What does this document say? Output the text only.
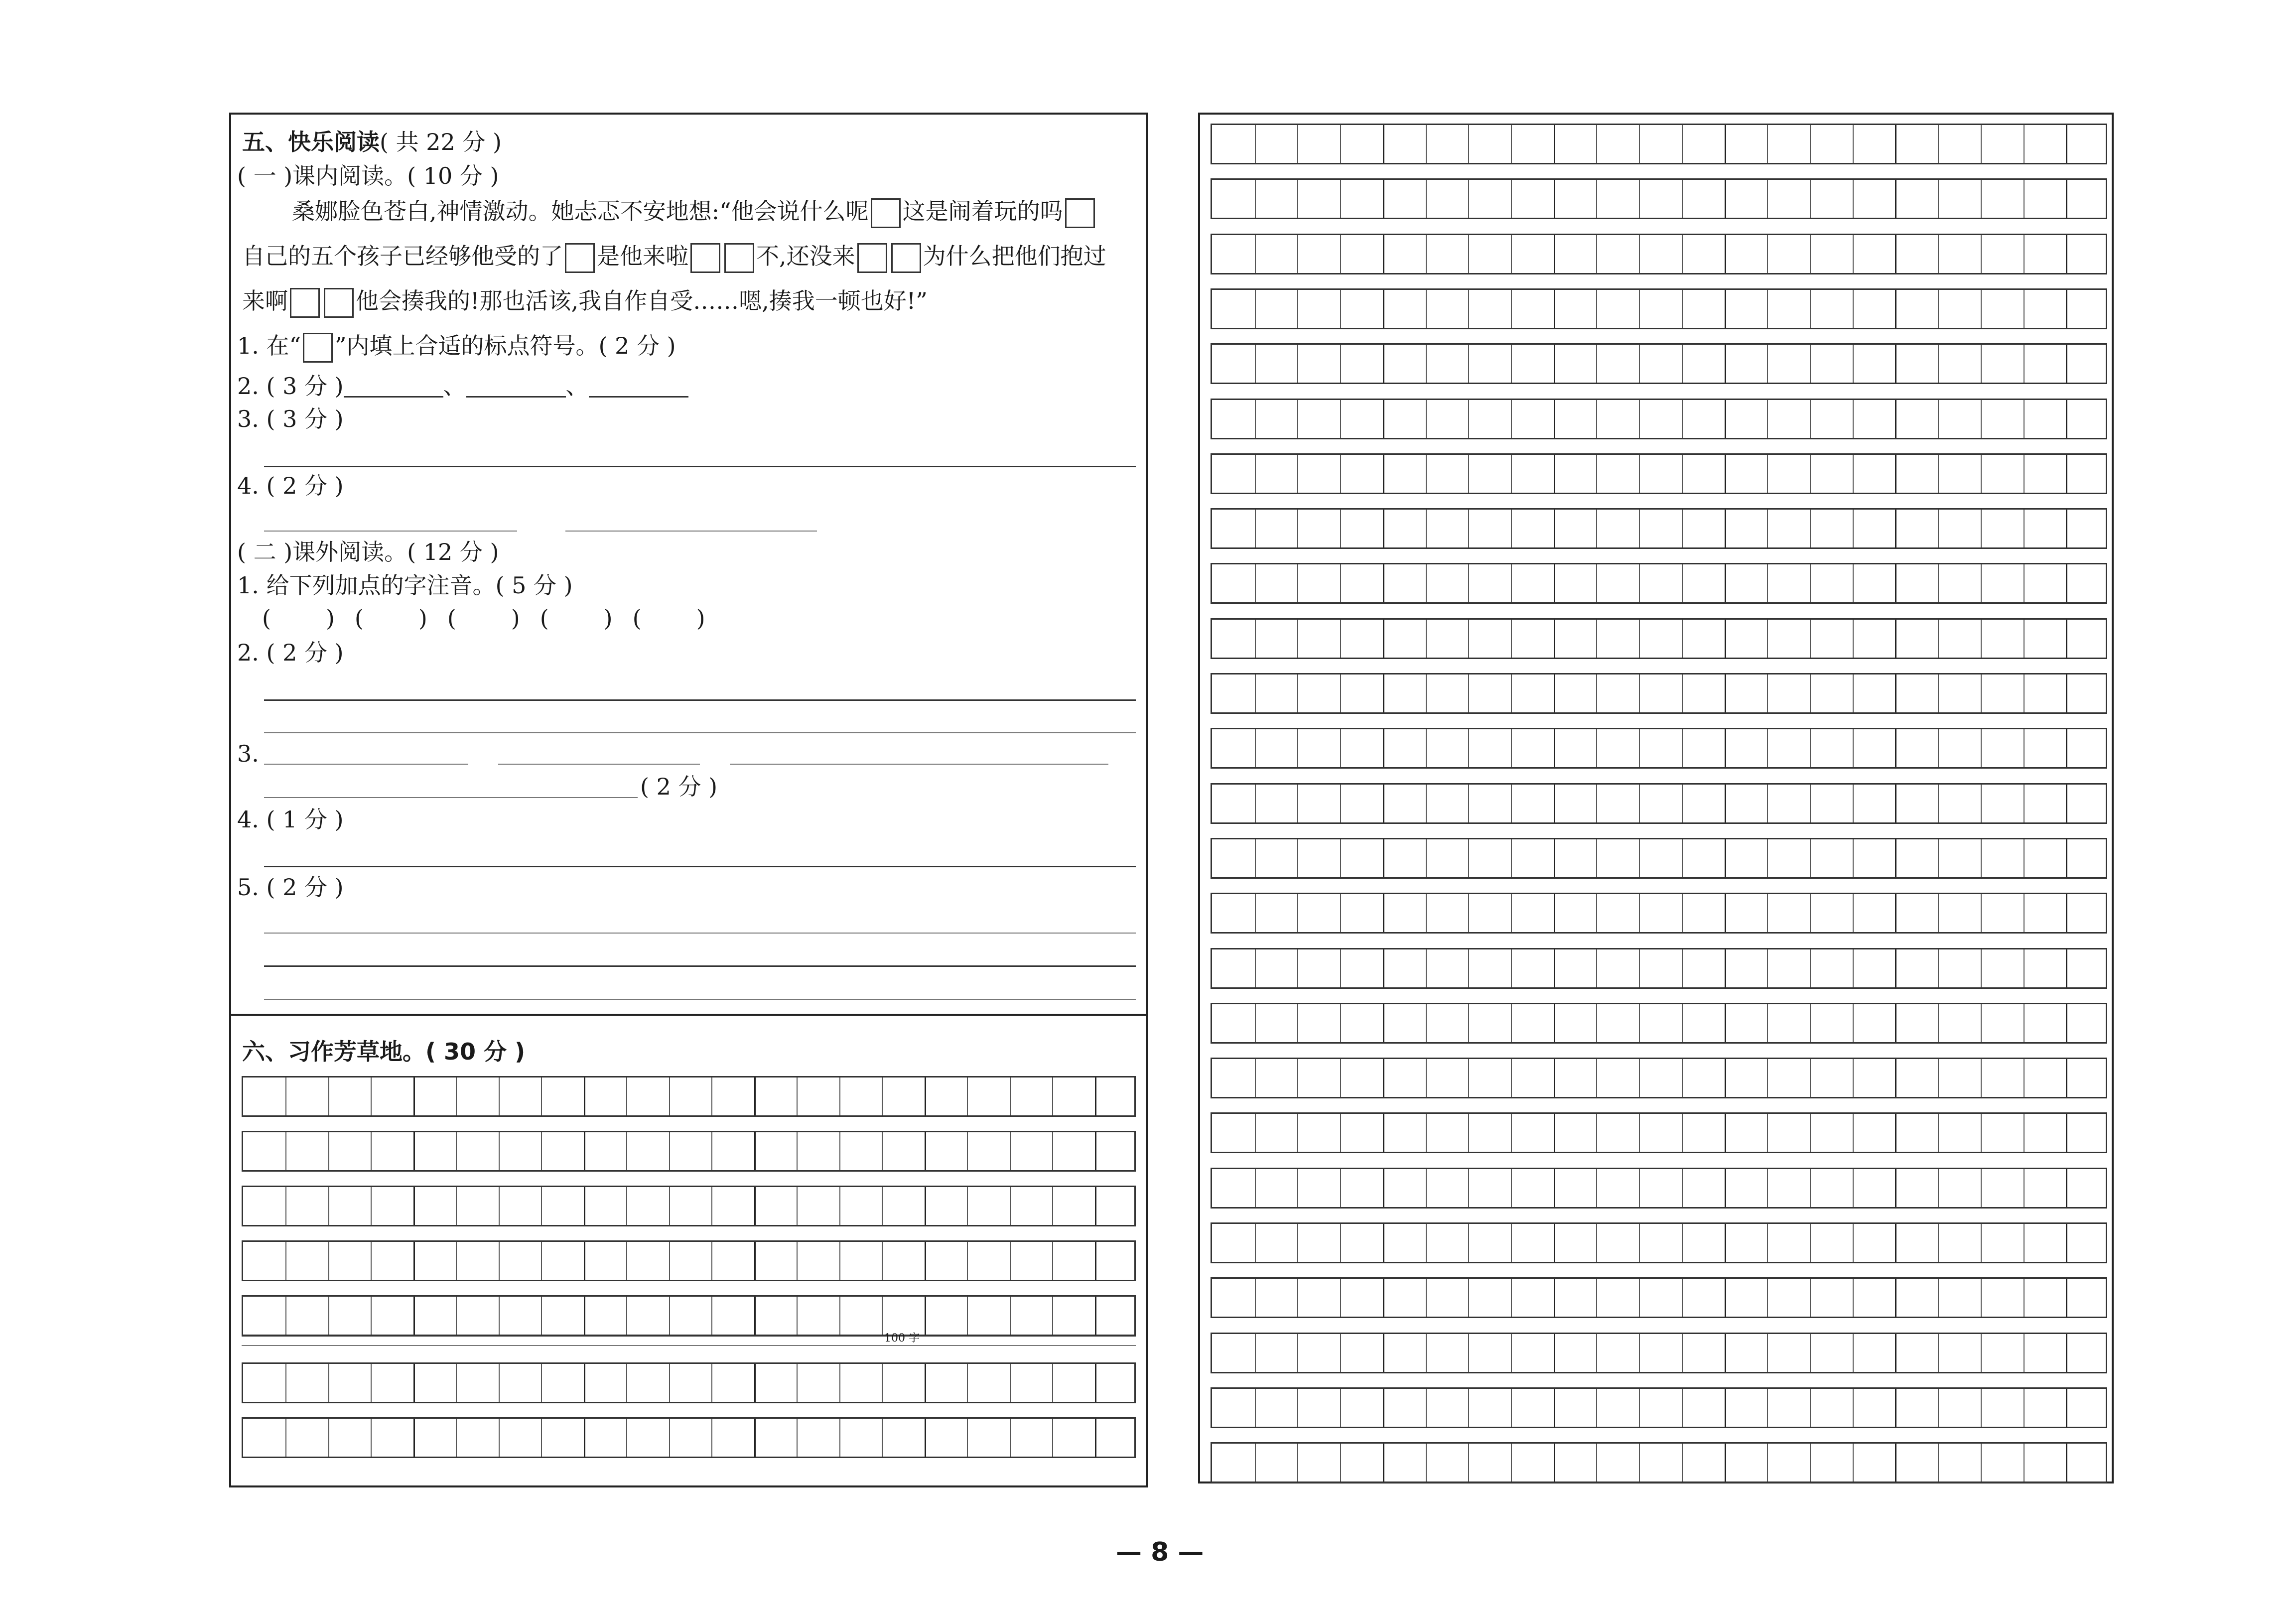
五、快乐阅读( 共 22 分 )
( 一 )课内阅读。( 10 分 )
桑娜脸色苍白,神情激动。她忐忑不安地想:“他会说什么呢 这是闹着玩的吗
自己的五个孩子已经够他受的了 是他来啦	不,还没来	为什么把他们抱过
来啊	他会揍我的!那也活该,我自作自受……嗯,揍我一顿也好!”
1. 在“ ”内填上合适的标点符号。( 2 分 )
2. ( 3 分 )	、	、
3. ( 3 分 )
4. ( 2 分 )
( 二 )课外阅读。( 12 分 )
1. 给下列加点的字注音。( 5 分 )
( ) ( ) ( ) ( ) ( )
2. ( 2 分 )
3.
( 2 分 )
4. ( 1 分 )
5. ( 2 分 )
六、习作芳草地。( 30 分 )
100 字
— 8 —
